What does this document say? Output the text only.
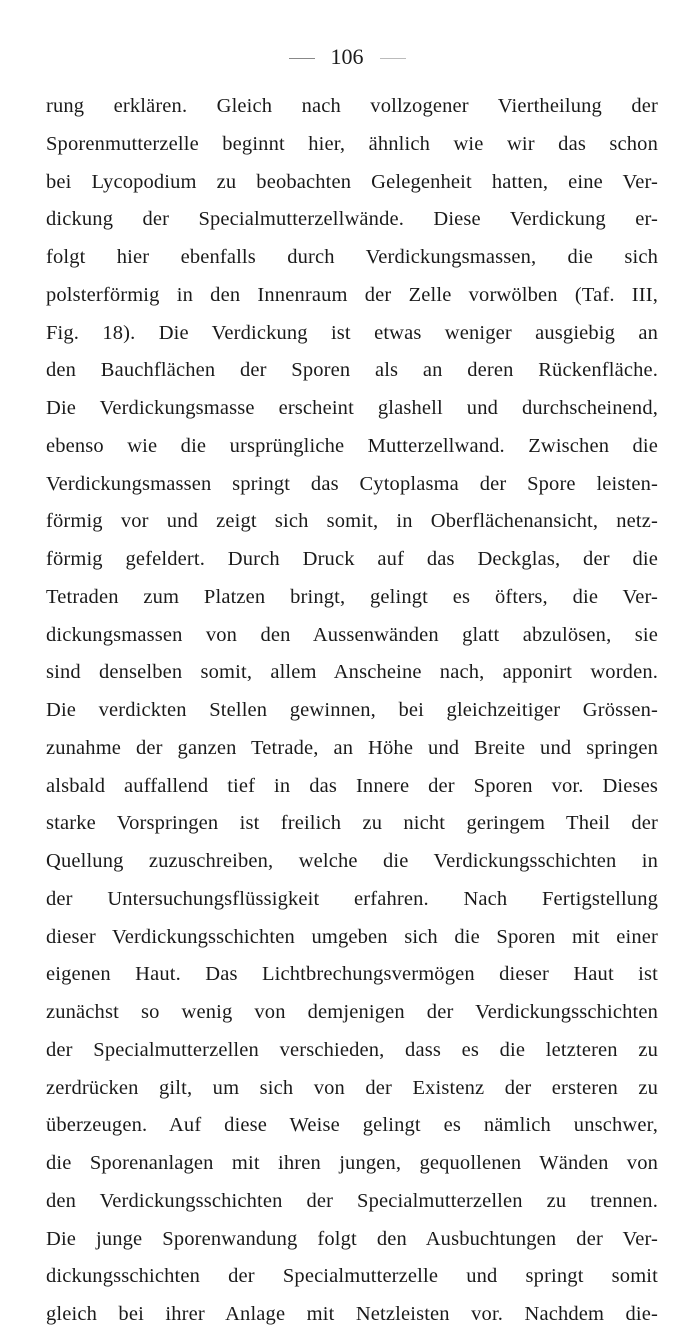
106
rung erklären. Gleich nach vollzogener Viertheilung der
Sporenmutterzelle beginnt hier, ähnlich wie wir das schon
bei Lycopodium zu beobachten Gelegenheit hatten, eine Ver-
dickung der Specialmutterzellwände. Diese Verdickung er-
folgt hier ebenfalls durch Verdickungsmassen, die sich
polsterförmig in den Innenraum der Zelle vorwölben (Taf. III,
Fig. 18). Die Verdickung ist etwas weniger ausgiebig an
den Bauchflächen der Sporen als an deren Rückenfläche.
Die Verdickungsmasse erscheint glashell und durchscheinend,
ebenso wie die ursprüngliche Mutterzellwand. Zwischen die
Verdickungsmassen springt das Cytoplasma der Spore leisten-
förmig vor und zeigt sich somit, in Oberflächenansicht, netz-
förmig gefeldert. Durch Druck auf das Deckglas, der die
Tetraden zum Platzen bringt, gelingt es öfters, die Ver-
dickungsmassen von den Aussenwänden glatt abzulösen, sie
sind denselben somit, allem Anscheine nach, apponirt worden.
Die verdickten Stellen gewinnen, bei gleichzeitiger Grössen-
zunahme der ganzen Tetrade, an Höhe und Breite und springen
alsbald auffallend tief in das Innere der Sporen vor. Dieses
starke Vorspringen ist freilich zu nicht geringem Theil der
Quellung zuzuschreiben, welche die Verdickungsschichten in
der Untersuchungsflüssigkeit erfahren. Nach Fertigstellung
dieser Verdickungsschichten umgeben sich die Sporen mit einer
eigenen Haut. Das Lichtbrechungsvermögen dieser Haut ist
zunächst so wenig von demjenigen der Verdickungsschichten
der Specialmutterzellen verschieden, dass es die letzteren zu
zerdrücken gilt, um sich von der Existenz der ersteren zu
überzeugen. Auf diese Weise gelingt es nämlich unschwer,
die Sporenanlagen mit ihren jungen, gequollenen Wänden von
den Verdickungsschichten der Specialmutterzellen zu trennen.
Die junge Sporenwandung folgt den Ausbuchtungen der Ver-
dickungsschichten der Specialmutterzelle und springt somit
gleich bei ihrer Anlage mit Netzleisten vor. Nachdem die-
